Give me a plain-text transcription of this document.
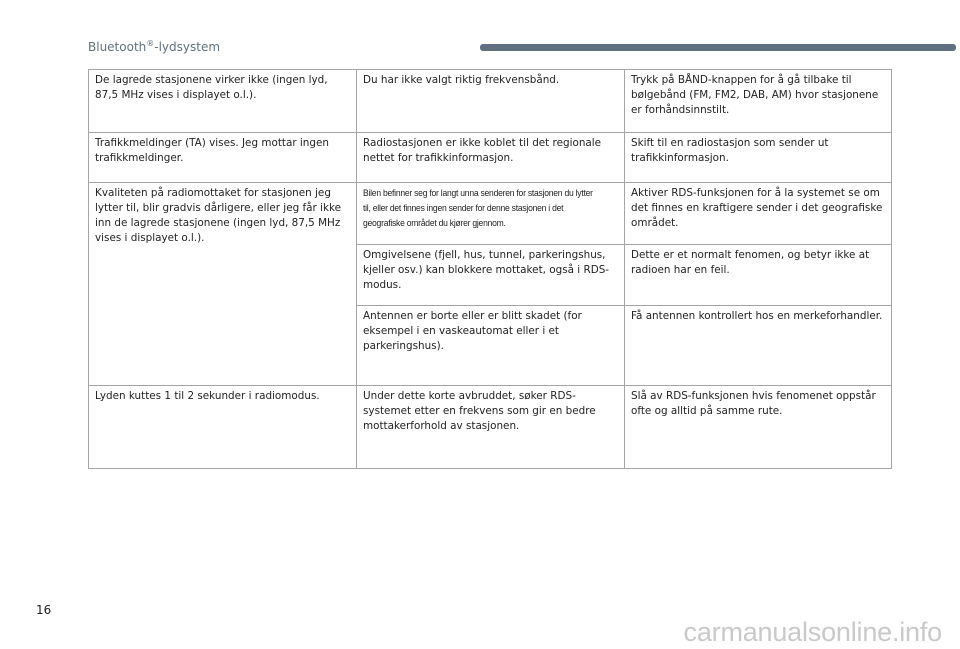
Bluetooth®-lydsystem
De lagrede stasjonene virker ikke (ingen lyd, 87,5 MHz vises i displayet o.l.).	Du har ikke valgt riktig frekvensbånd.	Trykk på BÅND-knappen for å gå tilbake til bølgebånd (FM, FM2, DAB, AM) hvor stasjonene er forhåndsinnstilt.
Trafikkmeldinger (TA) vises. Jeg mottar ingen trafikkmeldinger.	Radiostasjonen er ikke koblet til det regionale nettet for trafikkinformasjon.	Skift til en radiostasjon som sender ut trafikkinformasjon.
Kvaliteten på radiomottaket for stasjonen jeg lytter til, blir gradvis dårligere, eller jeg får ikke inn de lagrede stasjonene (ingen lyd, 87,5 MHz vises i displayet o.l.).	Bilen befinner seg for langt unna senderen for stasjonen du lytter til, eller det finnes ingen sender for denne stasjonen i det geografiske området du kjører gjennom.	Aktiver RDS-funksjonen for å la systemet se om det finnes en kraftigere sender i det geografiske området.
	Omgivelsene (fjell, hus, tunnel, parkeringshus, kjeller osv.) kan blokkere mottaket, også i RDS-modus.	Dette er et normalt fenomen, og betyr ikke at radioen har en feil.
	Antennen er borte eller er blitt skadet (for eksempel i en vaskeautomat eller i et parkeringshus).	Få antennen kontrollert hos en merkeforhandler.
Lyden kuttes 1 til 2 sekunder i radiomodus.	Under dette korte avbruddet, søker RDS-systemet etter en frekvens som gir en bedre mottakerforhold av stasjonen.	Slå av RDS-funksjonen hvis fenomenet oppstår ofte og alltid på samme rute.
16
carmanualsonline.info
